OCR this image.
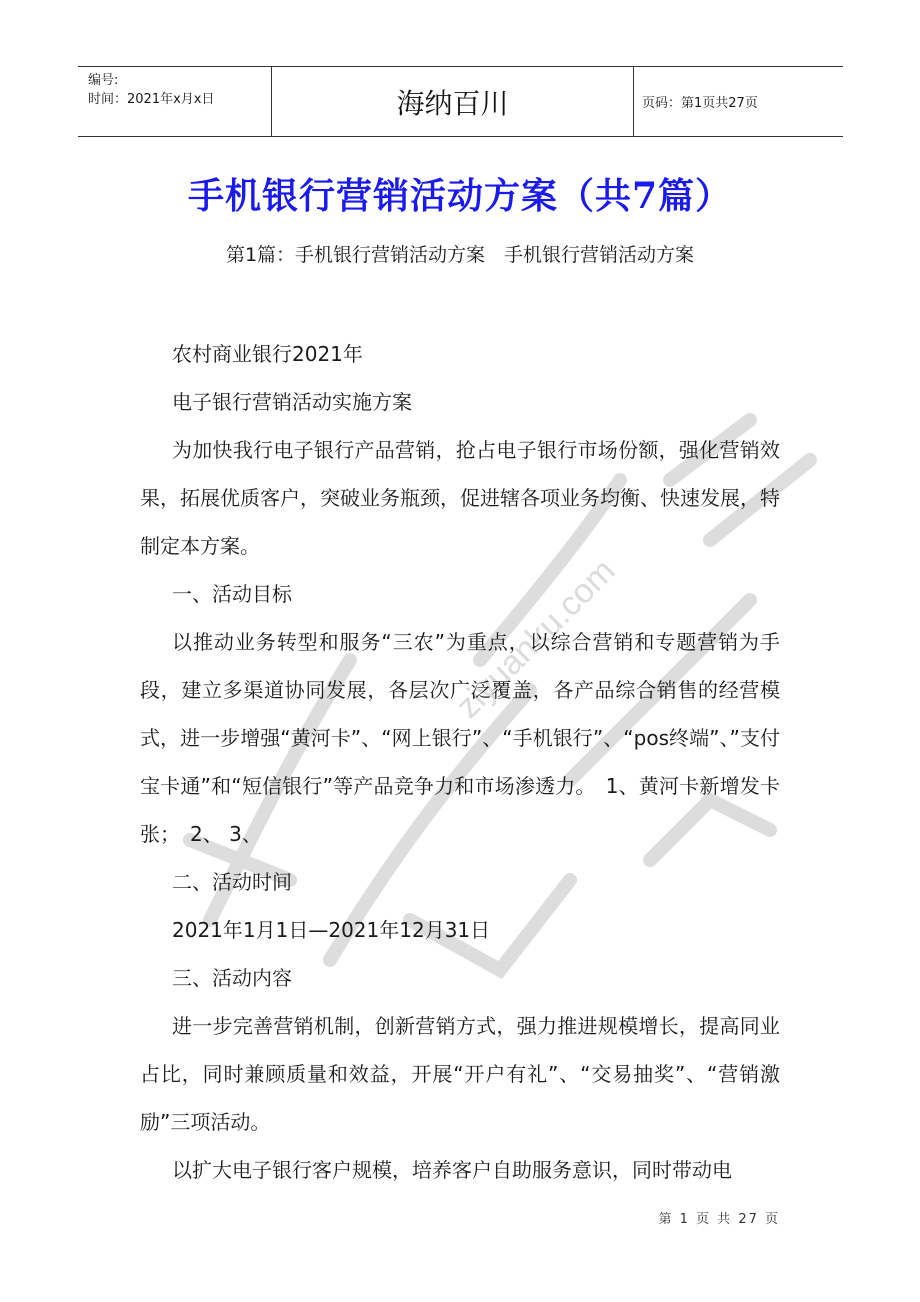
编号:
时间：2021年x月x日	海纳百川	页码：第1页共27页
ziyuanku.com
手机银行营销活动方案（共7篇）
第1篇：手机银行营销活动方案　手机银行营销活动方案

农村商业银行2021年

电子银行营销活动实施方案

为加快我行电子银行产品营销，抢占电子银行市场份额，强化营销效果，拓展优质客户，突破业务瓶颈，促进辖各项业务均衡、快速发展，特制定本方案。

一、活动目标

以推动业务转型和服务“三农”为重点，以综合营销和专题营销为手段，建立多渠道协同发展，各层次广泛覆盖，各产品综合销售的经营模式，进一步增强“黄河卡”、“网上银行”、“手机银行”、“pos终端”、”支付宝卡通”和“短信银行”等产品竞争力和市场渗透力。　1、黄河卡新增发卡张；　2、 3、

二、活动时间

2021年1月1日—2021年12月31日

三、活动内容

进一步完善营销机制，创新营销方式，强力推进规模增长，提高同业占比，同时兼顾质量和效益，开展“开户有礼”、“交易抽奖”、“营销激励”三项活动。

以扩大电子银行客户规模，培养客户自助服务意识，同时带动电

第 1 页 共 27 页
